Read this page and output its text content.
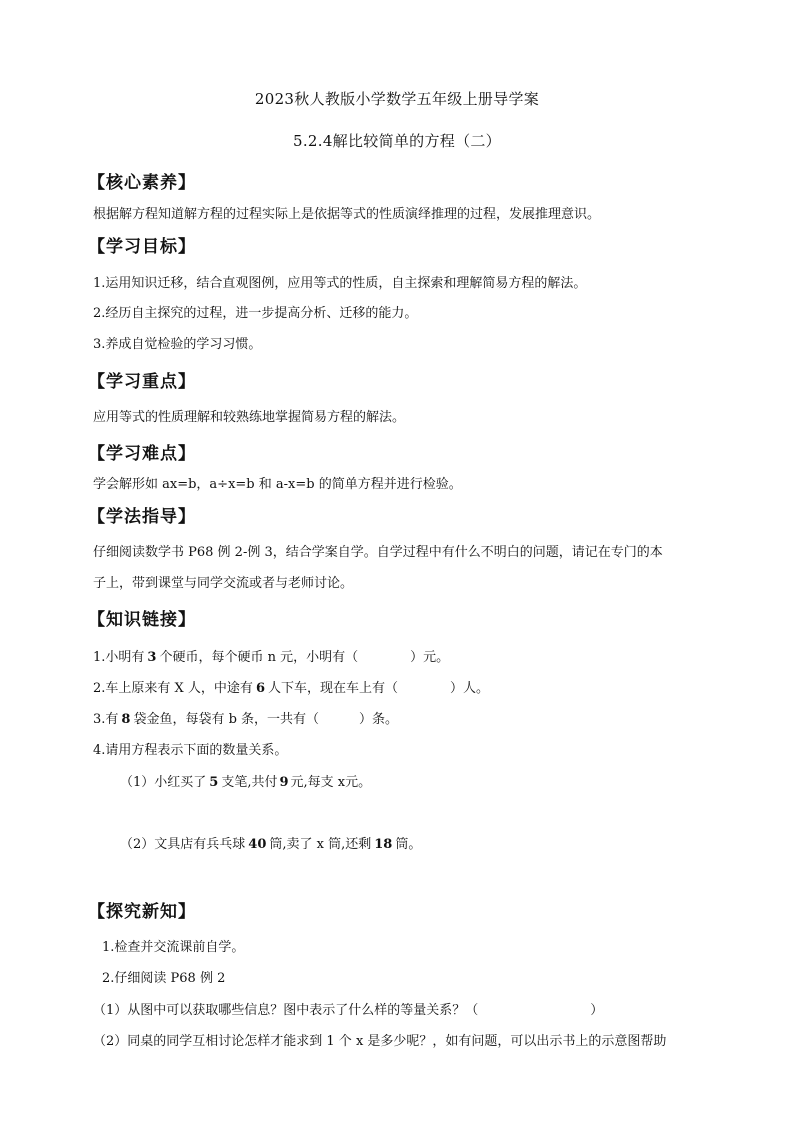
2023秋人教版小学数学五年级上册导学案
5.2.4解比较简单的方程（二）
【核心素养】
根据解方程知道解方程的过程实际上是依据等式的性质演绎推理的过程，发展推理意识。
【学习目标】
1.运用知识迁移，结合直观图例，应用等式的性质，自主探索和理解简易方程的解法。
2.经历自主探究的过程，进一步提高分析、迁移的能力。
3.养成自觉检验的学习习惯。
【学习重点】
应用等式的性质理解和较熟练地掌握简易方程的解法。
【学习难点】
学会解形如 ax=b，a÷x=b 和 a-x=b 的简单方程并进行检验。
【学法指导】
仔细阅读数学书 P68 例 2-例 3，结合学案自学。自学过程中有什么不明白的问题，请记在专门的本
子上，带到课堂与同学交流或者与老师讨论。
【知识链接】
1.小明有 3 个硬币，每个硬币 n 元，小明有（	）元。
2.车上原来有 X 人，中途有 6 人下车，现在车上有（	）人。
3.有 8 袋金鱼，每袋有 b 条，一共有（	）条。
4.请用方程表示下面的数量关系。
（1）小红买了 5 支笔,共付 9 元,每支 x元。
（2）文具店有兵乓球 40 筒,卖了 x 筒,还剩 18 筒。
【探究新知】
1.检查并交流课前自学。
2.仔细阅读 P68 例 2
（1）从图中可以获取哪些信息？图中表示了什么样的等量关系？（	）
（2）同桌的同学互相讨论怎样才能求到 1 个 x 是多少呢？，如有问题，可以出示书上的示意图帮助
